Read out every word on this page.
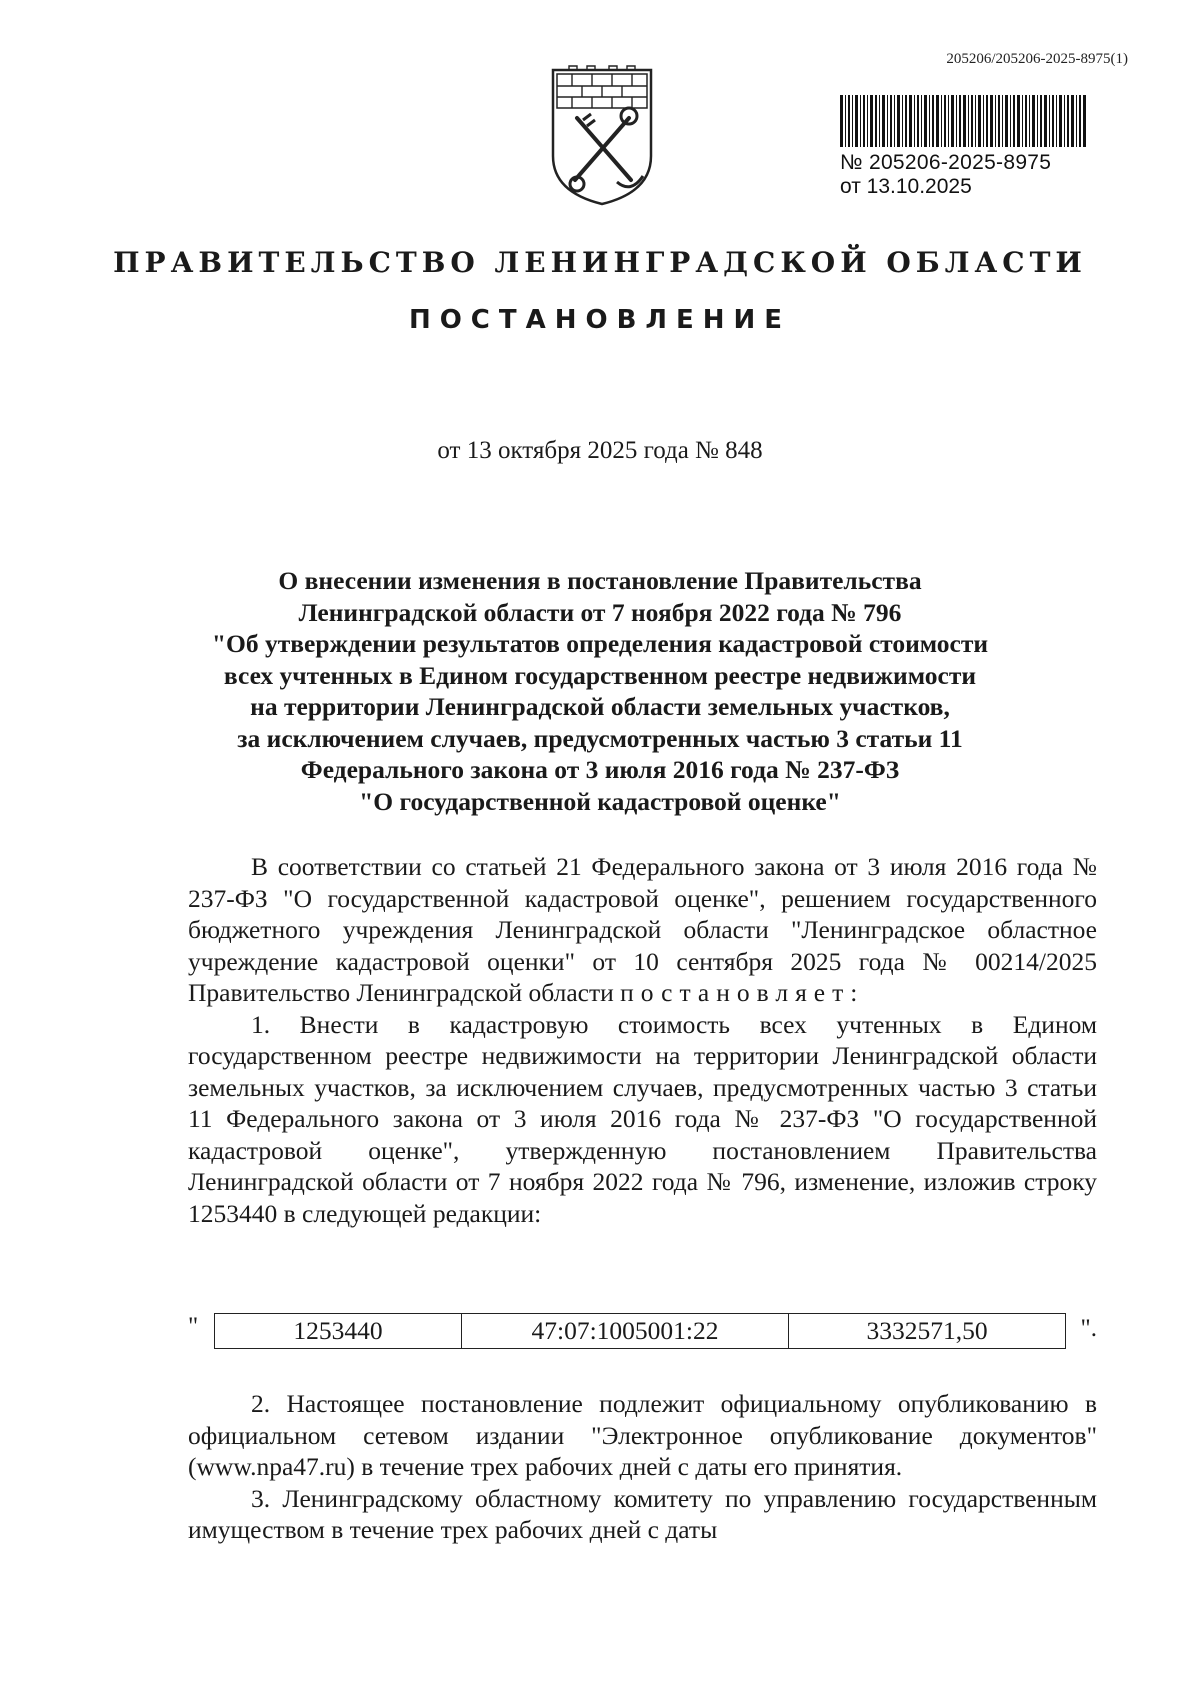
205206/205206-2025-8975(1)
№ 205206-2025-8975
от 13.10.2025
ПРАВИТЕЛЬСТВО ЛЕНИНГРАДСКОЙ ОБЛАСТИ
ПОСТАНОВЛЕНИЕ
от 13 октября 2025 года № 848
О внесении изменения в постановление Правительства
Ленинградской области от 7 ноября 2022 года № 796
"Об утверждении результатов определения кадастровой стоимости
всех учтенных в Едином государственном реестре недвижимости
на территории Ленинградской области земельных участков,
за исключением случаев, предусмотренных частью 3 статьи 11
Федерального закона от 3 июля 2016 года № 237-ФЗ
"О государственной кадастровой оценке"

В соответствии со статьей 21 Федерального закона от 3 июля 2016 года № 237-ФЗ "О государственной кадастровой оценке", решением государственного бюджетного учреждения Ленинградской области "Ленинградское областное учреждение кадастровой оценки" от 10 сентября 2025 года № 00214/2025 Правительство Ленинградской области постановляет:

1. Внести в кадастровую стоимость всех учтенных в Едином государственном реестре недвижимости на территории Ленинградской области земельных участков, за исключением случаев, предусмотренных частью 3 статьи 11 Федерального закона от 3 июля 2016 года № 237-ФЗ "О государственной кадастровой оценке", утвержденную постановлением Правительства Ленинградской области от 7 ноября 2022 года № 796, изменение, изложив строку 1253440 в следующей редакции:

"	1253440	47:07:1005001:22	3332571,50	".

2. Настоящее постановление подлежит официальному опубликованию в официальном сетевом издании "Электронное опубликование документов" (www.npa47.ru) в течение трех рабочих дней с даты его принятия.

3. Ленинградскому областному комитету по управлению государственным имуществом в течение трех рабочих дней с даты
